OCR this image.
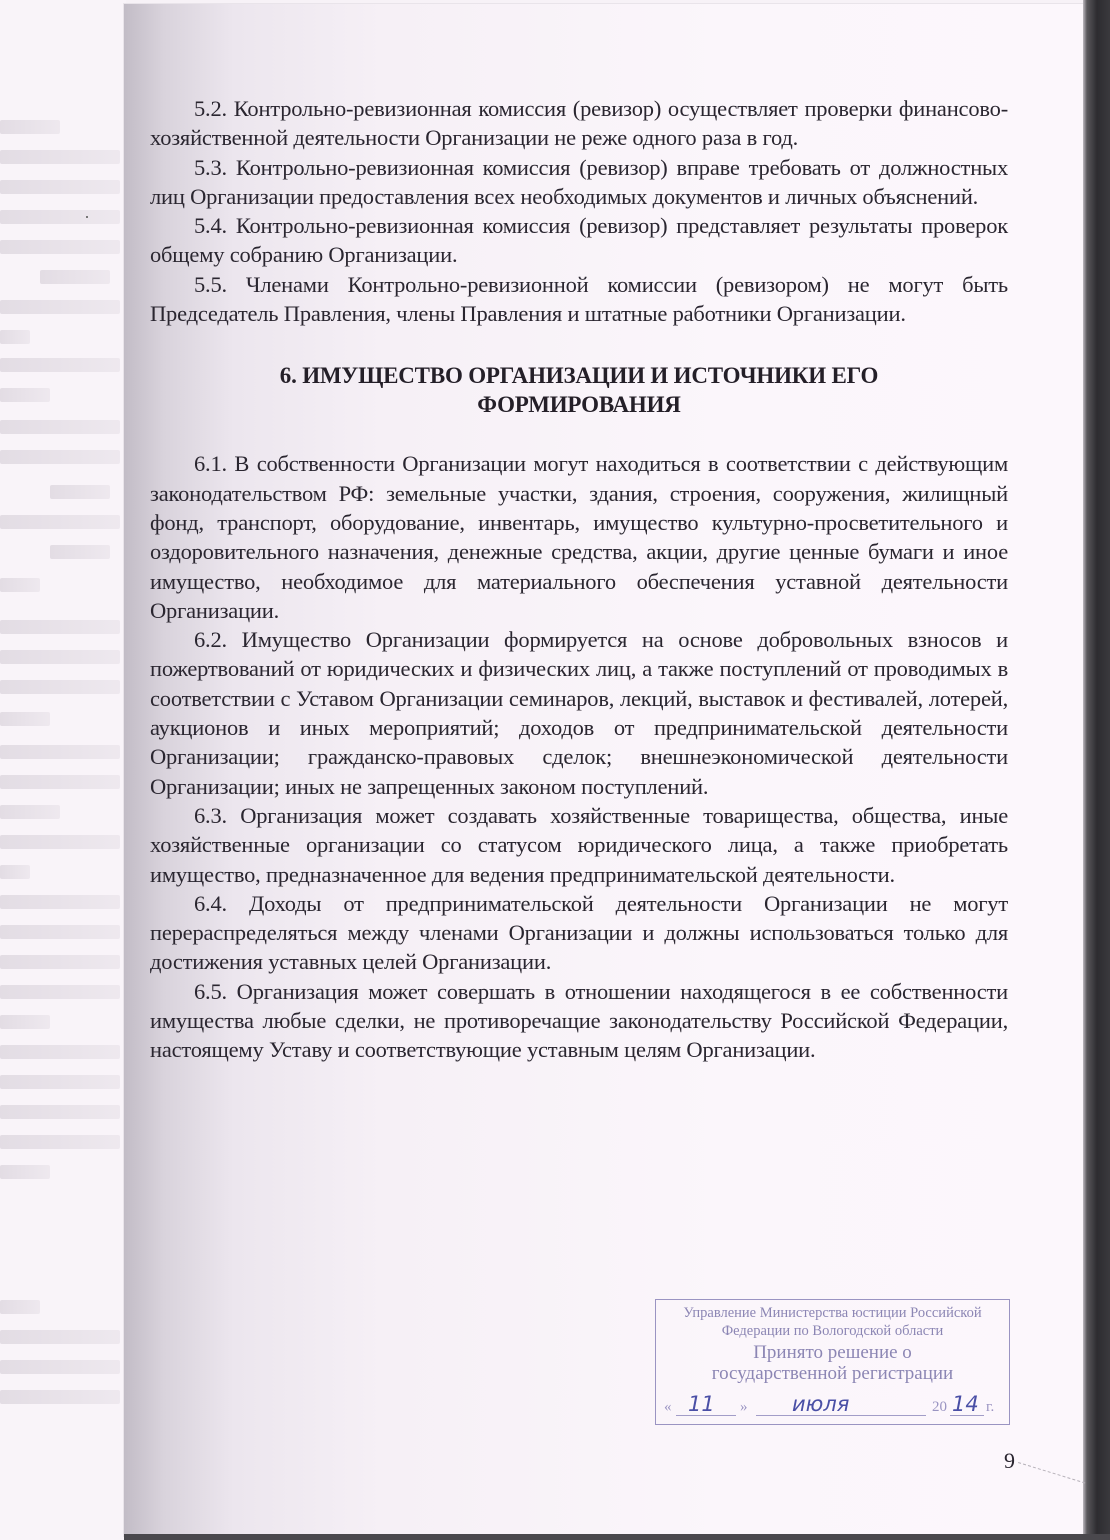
5.2. Контрольно-ревизионная комиссия (ревизор) осуществляет проверки финансово-хозяйственной деятельности Организации не реже одного раза в год.

5.3. Контрольно-ревизионная комиссия (ревизор) вправе требовать от должностных лиц Организации предоставления всех необходимых документов и личных объяснений.

5.4. Контрольно-ревизионная комиссия (ревизор) представляет результаты проверок общему собранию Организации.

5.5. Членами Контрольно-ревизионной комиссии (ревизором) не могут быть Председатель Правления, члены Правления и штатные работники Организации.

6. ИМУЩЕСТВО ОРГАНИЗАЦИИ И ИСТОЧНИКИ ЕГО
ФОРМИРОВАНИЯ

6.1. В собственности Организации могут находиться в соответствии с действующим законодательством РФ: земельные участки, здания, строения, сооружения, жилищный фонд, транспорт, оборудование, инвентарь, имущество культурно-просветительного и оздоровительного назначения, денежные средства, акции, другие ценные бумаги и иное имущество, необходимое для материального обеспечения уставной деятельности Организации.

6.2. Имущество Организации формируется на основе добровольных взносов и пожертвований от юридических и физических лиц, а также поступлений от проводимых в соответствии с Уставом Организации семинаров, лекций, выставок и фестивалей, лотерей, аукционов и иных мероприятий; доходов от предпринимательской деятельности Организации; гражданско-правовых сделок; внешнеэкономической деятельности Организации; иных не запрещенных законом поступлений.

6.3. Организация может создавать хозяйственные товарищества, общества, иные хозяйственные организации со статусом юридического лица, а также приобретать имущество, предназначенное для ведения предпринимательской деятельности.

6.4. Доходы от предпринимательской деятельности Организации не могут перераспределяться между членами Организации и должны использоваться только для достижения уставных целей Организации.

6.5. Организация может совершать в отношении находящегося в ее собственности имущества любые сделки, не противоречащие законодательству Российской Федерации, настоящему Уставу и соответствующие уставным целям Организации.

Управление Министерства юстиции Российской
Федерации по Вологодской области
Принято решение о
государственной регистрации
« 11 » июля	20 14 г.
9
